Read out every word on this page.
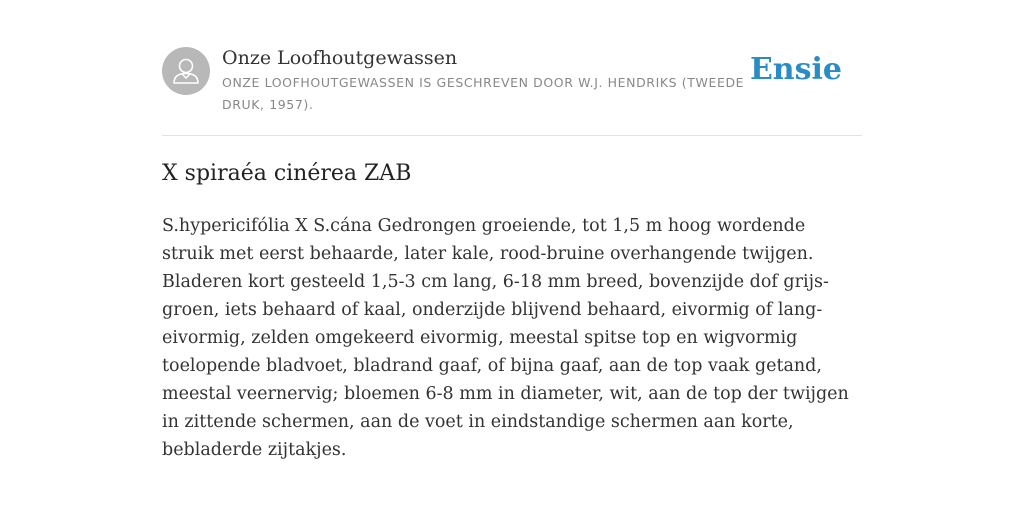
Onze Loofhoutgewassen
ONZE LOOFHOUTGEWASSEN IS GESCHREVEN DOOR W.J. HENDRIKS (TWEEDE DRUK, 1957).
Ensie
X spiraéa cinérea ZAB

S.hypericifólia X S.cána Gedrongen groeiende, tot 1,5 m hoog wordende struik met eerst behaarde, later kale, rood-bruine overhangende twijgen. Bladeren kort gesteeld 1,5-3 cm lang, 6-18 mm breed, bovenzijde dof grijs-groen, iets behaard of kaal, onderzijde blijvend behaard, eivormig of lang-eivormig, zelden omgekeerd eivormig, meestal spitse top en wigvormig toelopende bladvoet, bladrand gaaf, of bijna gaaf, aan de top vaak getand, meestal veernervig; bloemen 6-8 mm in diameter, wit, aan de top der twijgen in zittende schermen, aan de voet in eindstandige schermen aan korte, bebladerde zijtakjes.
